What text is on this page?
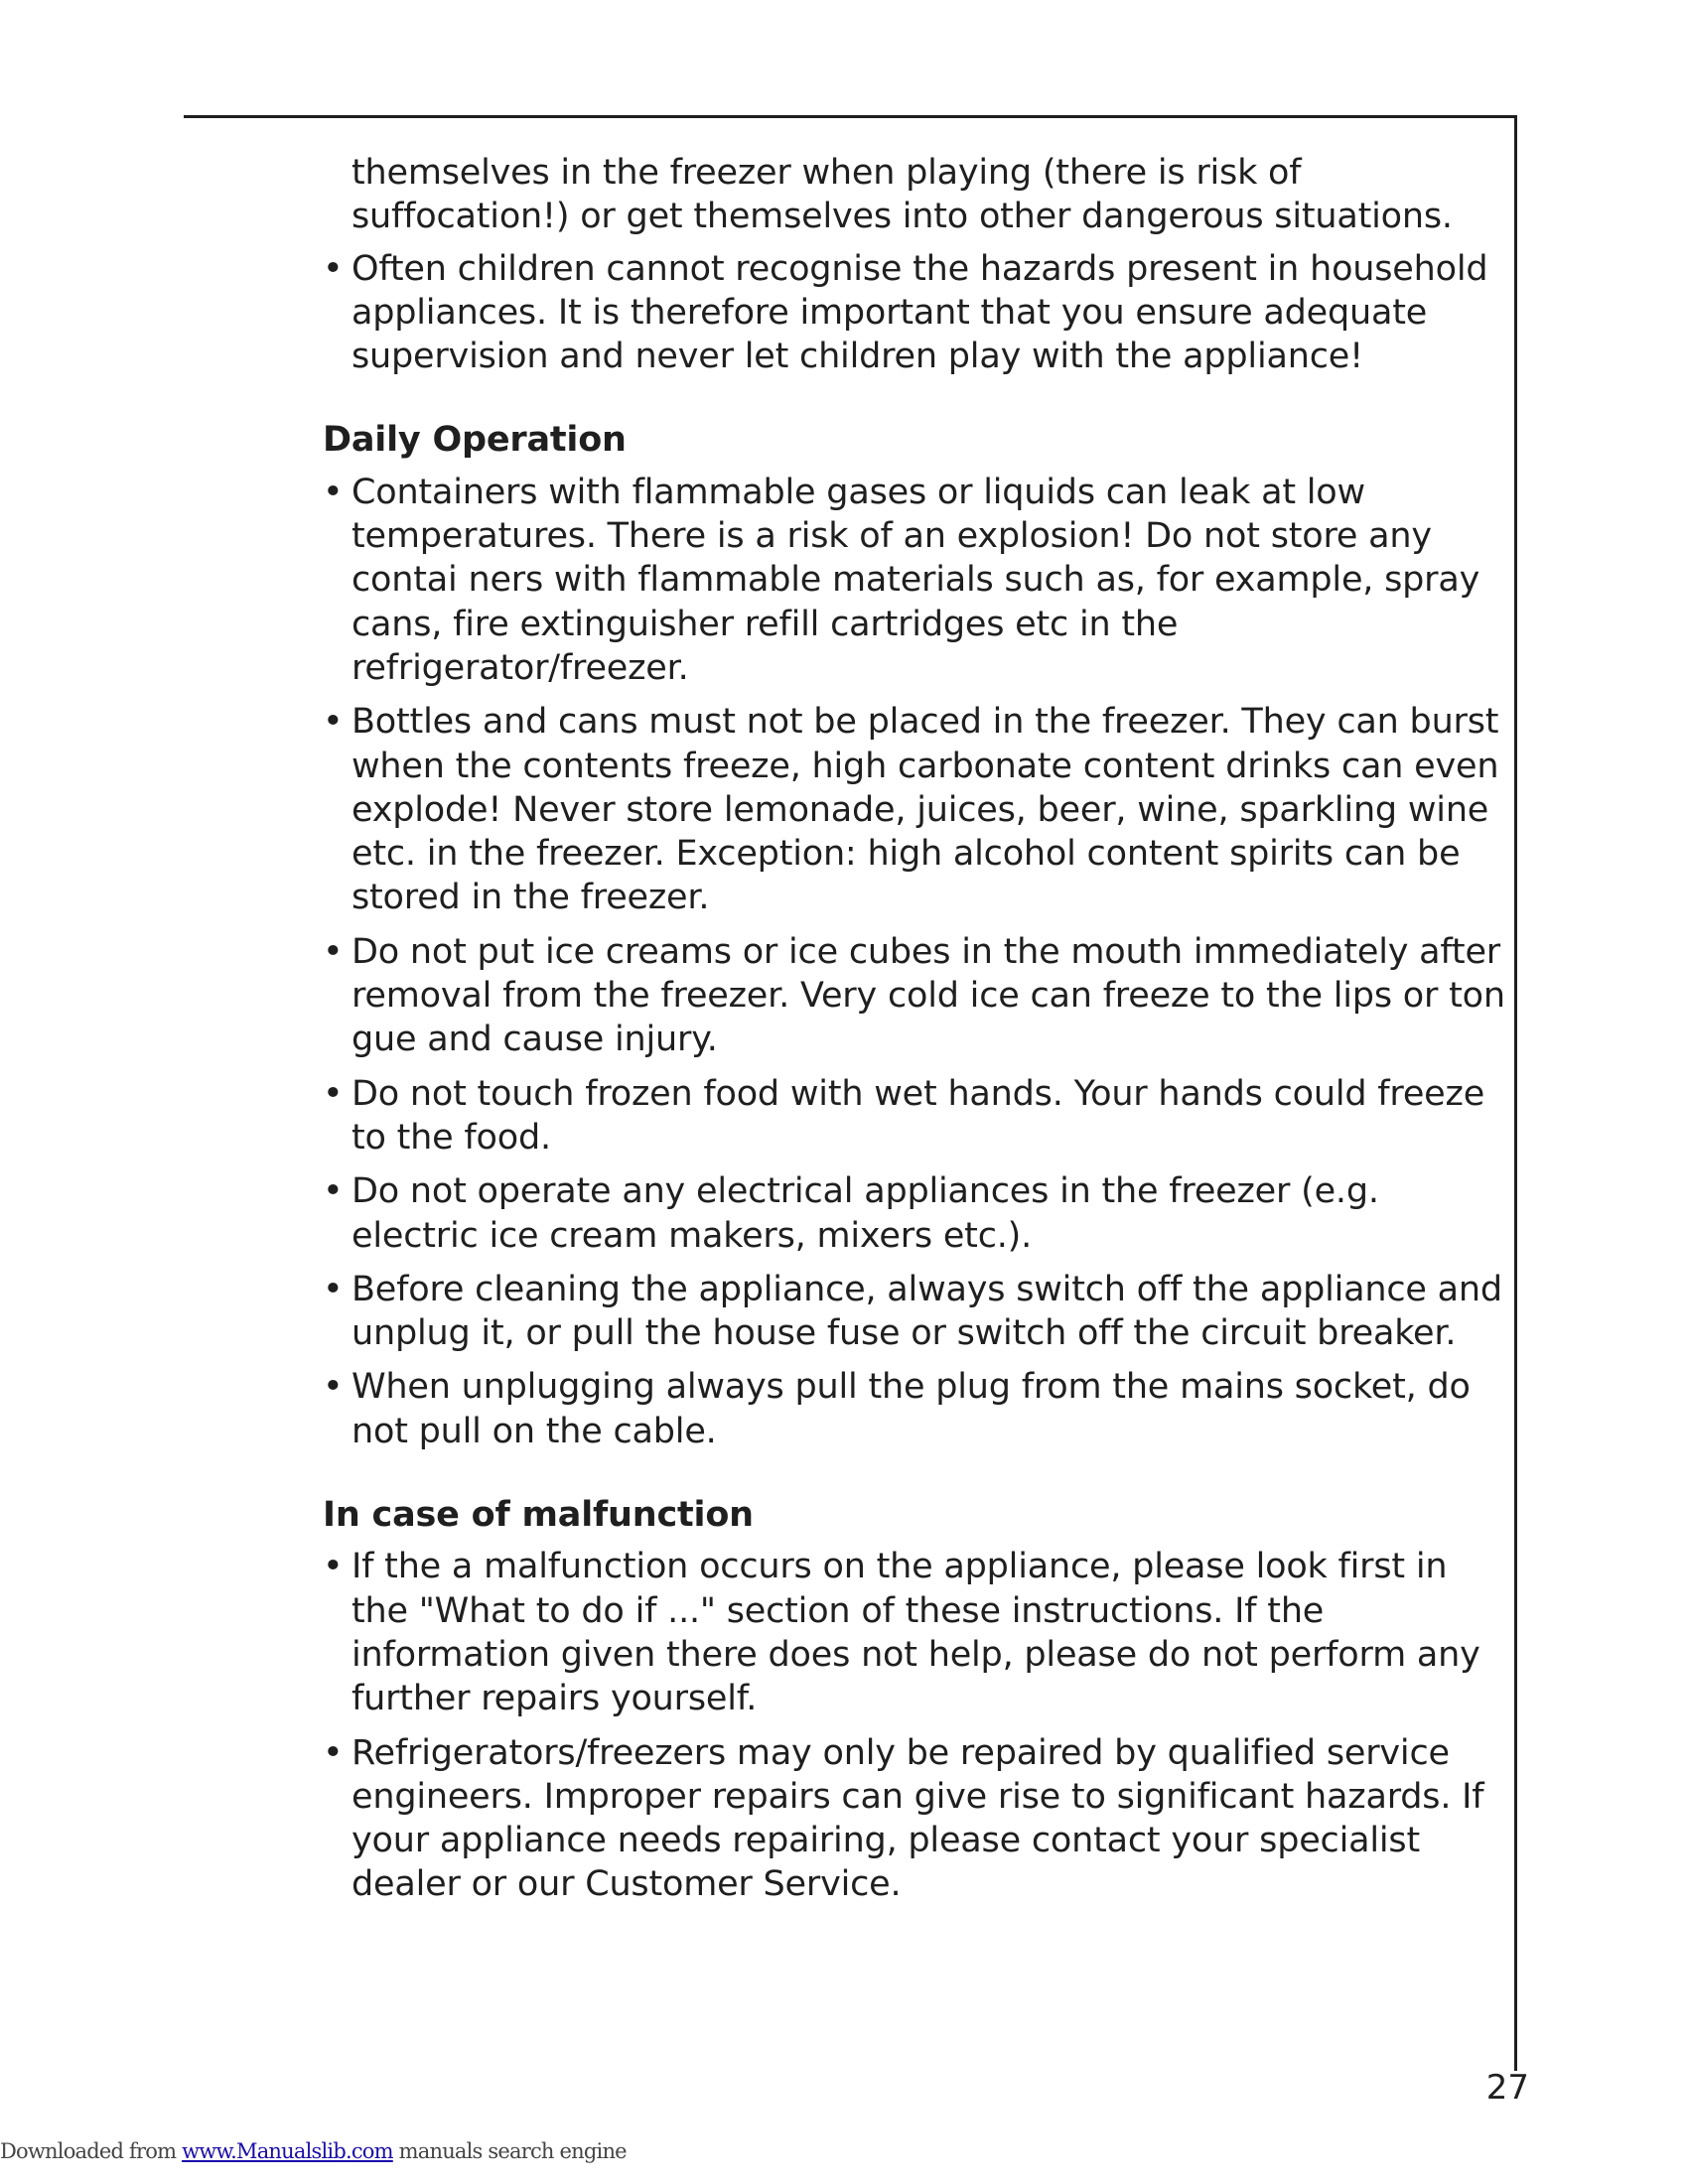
themselves in the freezer when playing (there is risk of suffocation!) or get themselves into other dangerous situations.

• Often children cannot recognise the hazards present in household appliances. It is therefore important that you ensure adequate supervision and never let children play with the appliance!
Daily Operation
• Containers with flammable gases or liquids can leak at low temperatures. There is a risk of an explosion! Do not store any contai ners with flammable materials such as, for example, spray cans, fire extinguisher refill cartridges etc in the refrigerator/freezer.
• Bottles and cans must not be placed in the freezer. They can burst when the contents freeze, high carbonate content drinks can even explode! Never store lemonade, juices, beer, wine, sparkling wine etc. in the freezer. Exception: high alcohol content spirits can be stored in the freezer.
• Do not put ice creams or ice cubes in the mouth immediately after removal from the freezer. Very cold ice can freeze to the lips or ton gue and cause injury.
• Do not touch frozen food with wet hands. Your hands could freeze to the food.
• Do not operate any electrical appliances in the freezer (e.g. electric ice cream makers, mixers etc.).
• Before cleaning the appliance, always switch off the appliance and unplug it, or pull the house fuse or switch off the circuit breaker.
• When unplugging always pull the plug from the mains socket, do not pull on the cable.
In case of malfunction
• If the a malfunction occurs on the appliance, please look first in the "What to do if ..." section of these instructions. If the information given there does not help, please do not perform any further repairs yourself.
• Refrigerators/freezers may only be repaired by qualified service engineers. Improper repairs can give rise to significant hazards. If your appliance needs repairing, please contact your specialist dealer or our Customer Service.
27
Downloaded from www.Manualslib.com manuals search engine
